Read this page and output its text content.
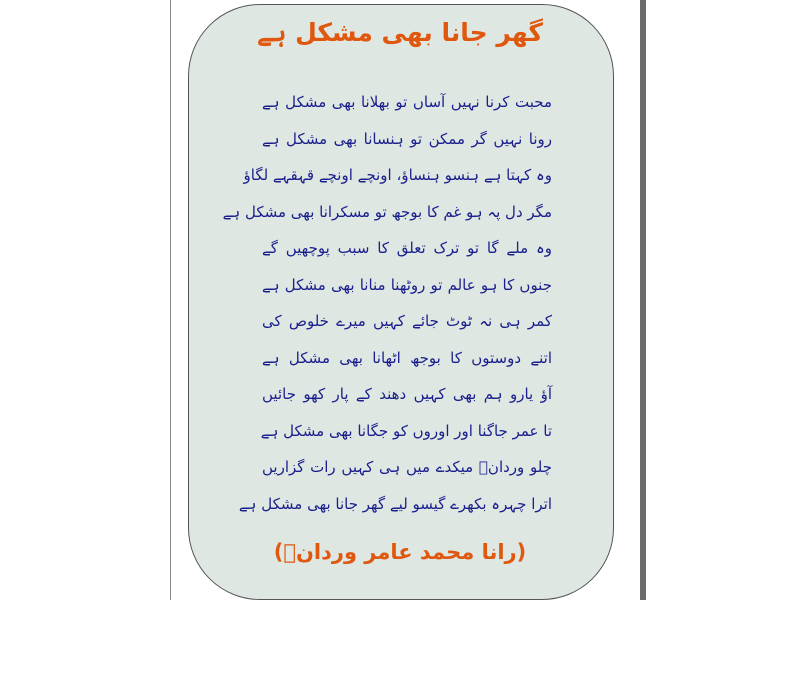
گھر جانا بھی مشکل ہے
محبت کرنا نہیں آساں تو بھلانا بھی مشکل ہے
رونا نہیں گر ممکن تو ہنسانا بھی مشکل ہے
وہ کہتا ہے ہنسو ہنساؤ، اونچے اونچے قہقہے لگاؤ
مگر دل پہ ہو غم کا بوجھ تو مسکرانا بھی مشکل ہے
وہ ملے گا تو ترک تعلق کا سبب پوچھیں گے
جنوں کا ہو عالم تو روٹھنا منانا بھی مشکل ہے
کمر ہی نہ ٹوٹ جائے کہیں میرے خلوص کی
اتنے دوستوں کا بوجھ اٹھانا بھی مشکل ہے
آؤ یارو ہم بھی کہیں دھند کے پار کھو جائیں
تا عمر جاگنا اور اوروں کو جگانا بھی مشکل ہے
چلو وردانؔ میکدے میں ہی کہیں رات گزاریں
اترا چہرہ بکھرے گیسو لیے گھر جانا بھی مشکل ہے
(رانا محمد عامر وردانؔ)
